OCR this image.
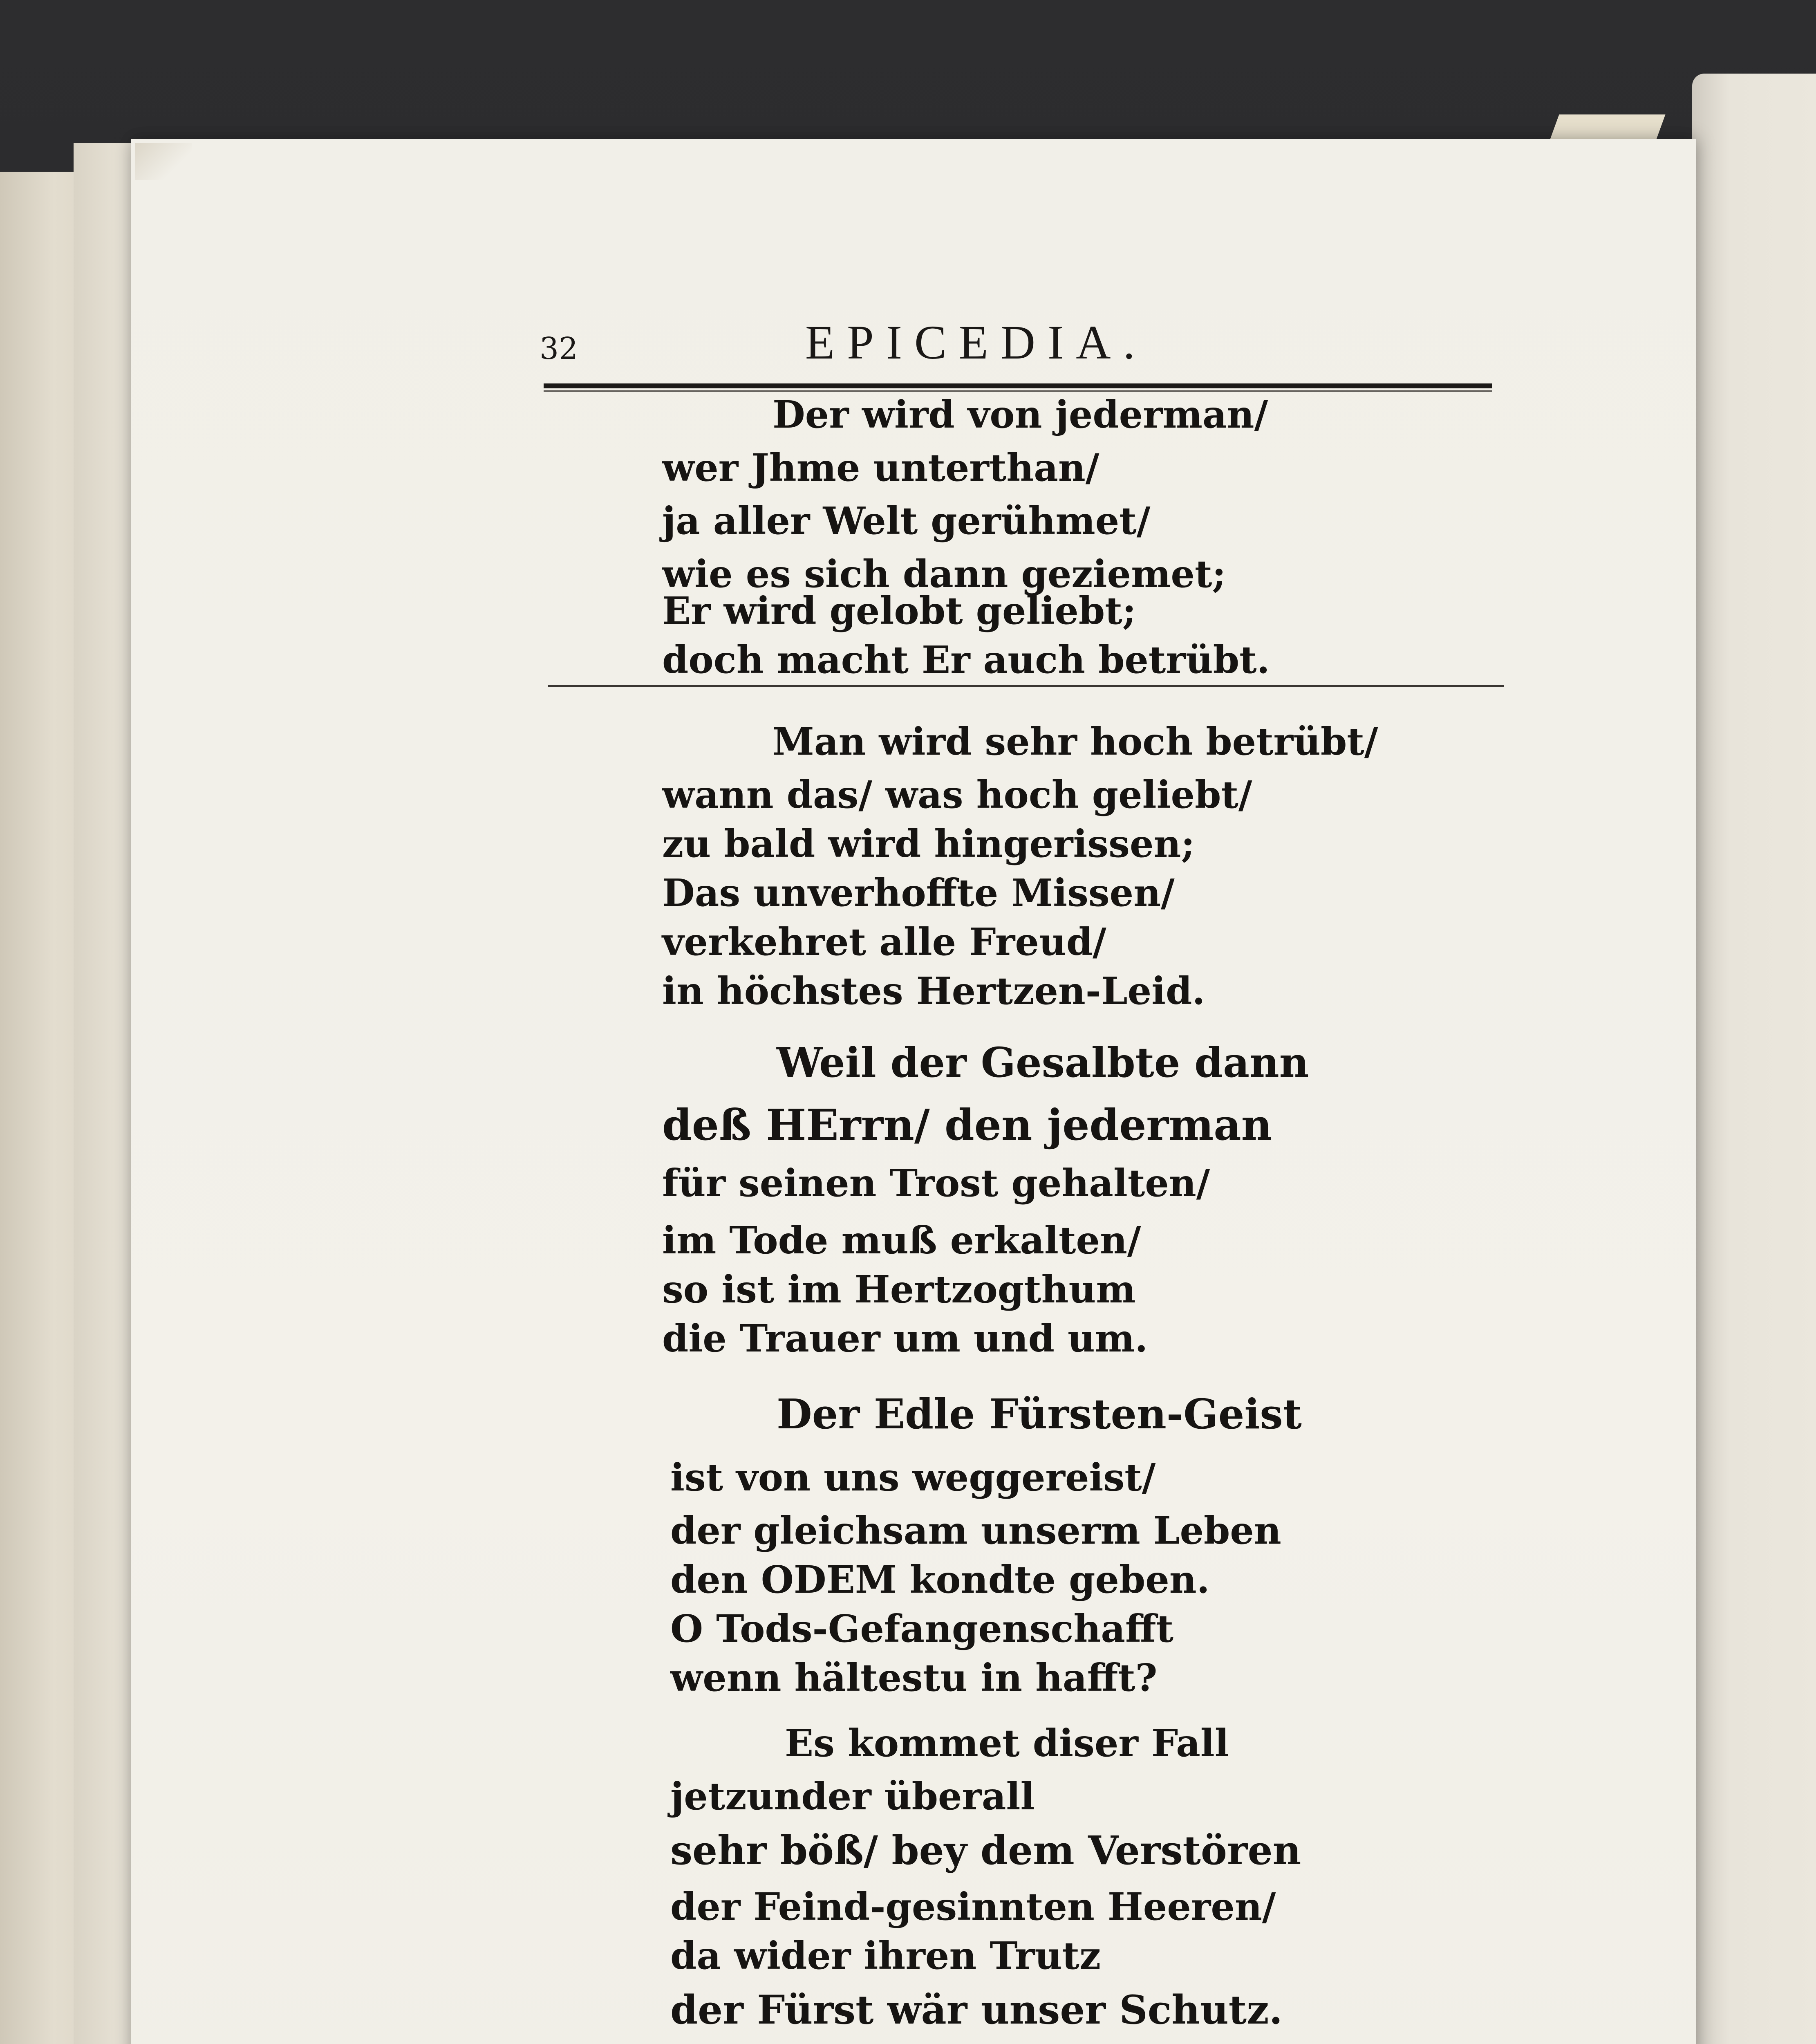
32	EPICEDIA.
Der wird von jederman/
wer Jhme unterthan/
ja aller Welt gerühmet/
wie es sich dann geziemet;
Er wird gelobt geliebt;
doch macht Er auch betrübt.
Man wird sehr hoch betrübt/
wann das/ was hoch geliebt/
zu bald wird hingerissen;
Das unverhoffte Missen/
verkehret alle Freud/
in höchstes Hertzen-Leid.
Weil der Gesalbte dann
deß HErrn/ den jederman
für seinen Trost gehalten/
im Tode muß erkalten/
so ist im Hertzogthum
die Trauer um und um.
Der Edle Fürsten-Geist
ist von uns weggereist/
der gleichsam unserm Leben
den ODEM kondte geben.
O Tods-Gefangenschafft
wenn hältestu in hafft?
Es kommet diser Fall
jetzunder überall
sehr böß/ bey dem Verstören
der Feind-gesinnten Heeren/
da wider ihren Trutz
der Fürst wär unser Schutz.
